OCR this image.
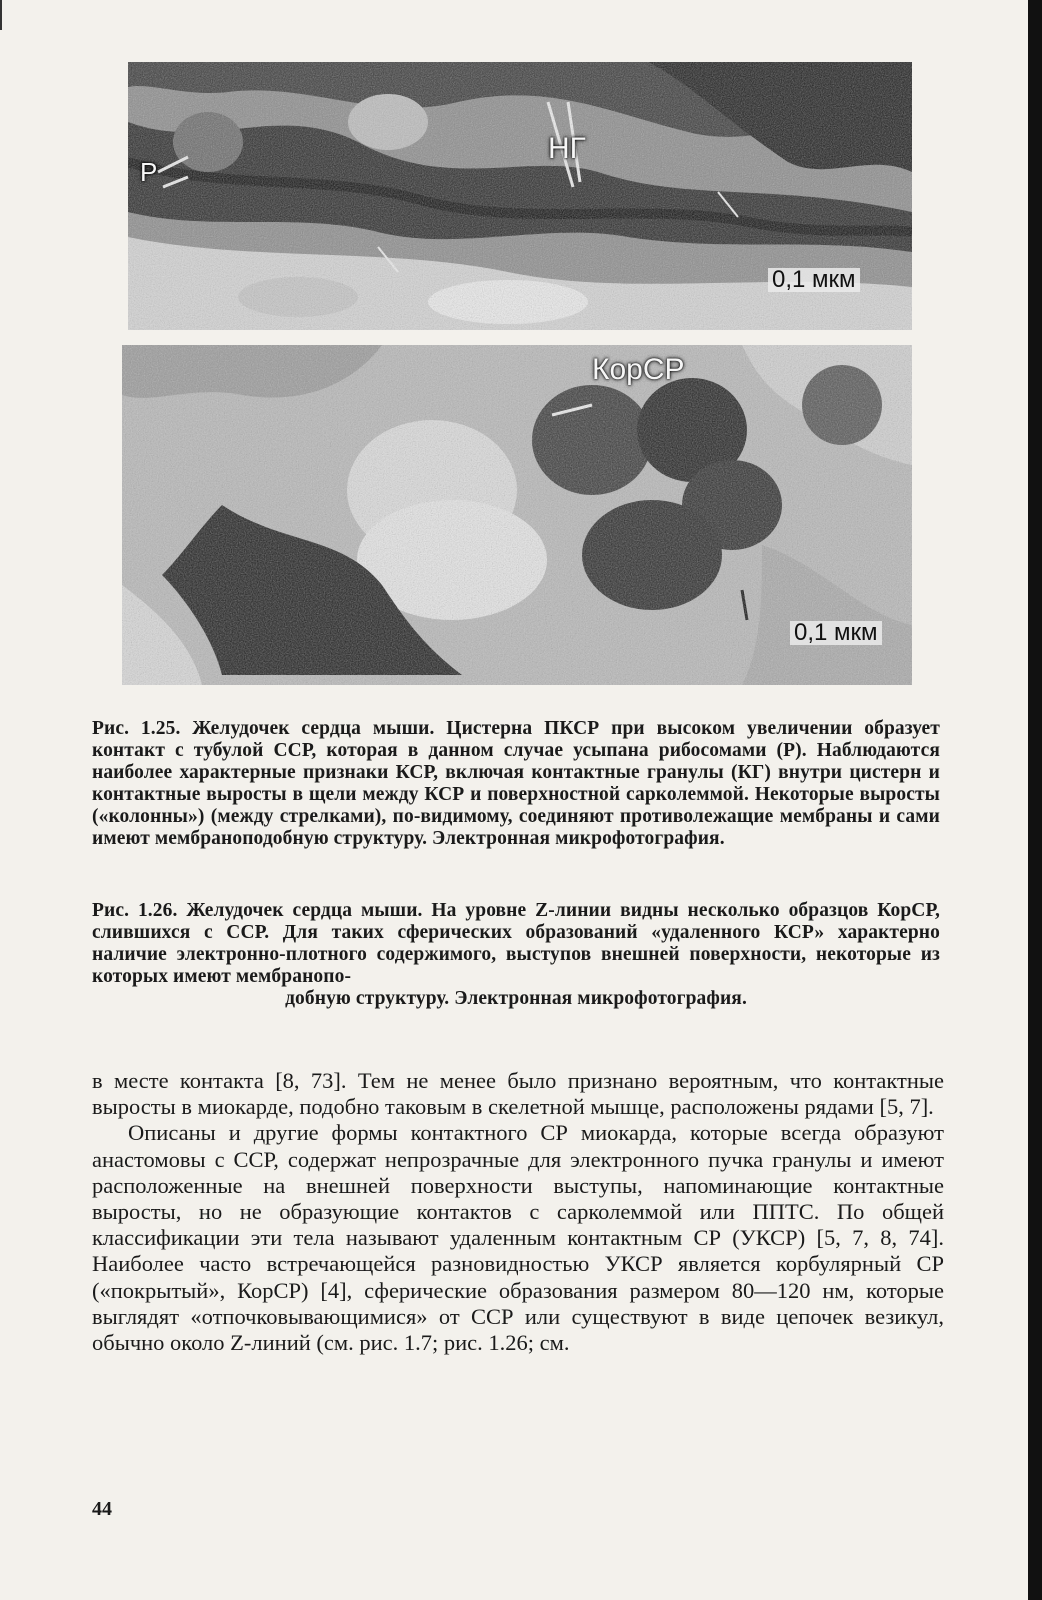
НГ
Р
0,1 мкм
КорСР
0,1 мкм
Рис. 1.25. Желудочек сердца мыши. Цистерна ПКСР при высоком увеличении образует контакт с тубулой ССР, которая в данном случае усыпана рибосомами (Р). Наблюдаются наиболее характерные признаки КСР, включая контактные гранулы (КГ) внутри цистерн и контактные выросты в щели между КСР и поверхностной сарколеммой. Некоторые выросты («колонны») (между стрелками), по-видимому, соединяют противолежащие мембраны и сами имеют мембраноподобную структуру. Электронная микрофотография.
Рис. 1.26. Желудочек сердца мыши. На уровне Z-линии видны несколько образцов КорСР, слившихся с ССР. Для таких сферических образований «удаленного КСР» характерно наличие электронно-плотного содержимого, выступов внешней поверхности, некоторые из которых имеют мембранопо-
добную структуру. Электронная микрофотография.

в месте контакта [8, 73]. Тем не менее было признано вероятным, что контактные выросты в миокарде, подобно таковым в скелетной мышце, расположены рядами [5, 7].

Описаны и другие формы контактного СР миокарда, которые всегда образуют анастомовы с ССР, содержат непрозрачные для электронного пучка гранулы и имеют расположенные на внешней поверхности выступы, напоминающие контактные выросты, но не образующие контактов с сарколеммой или ППТС. По общей классификации эти тела называют удаленным контактным СР (УКСР) [5, 7, 8, 74]. Наиболее часто встречающейся разновидностью УКСР является корбулярный СР («покрытый», КорСР) [4], сферические образования размером 80—120 нм, которые выглядят «отпочковывающимися» от ССР или существуют в виде цепочек везикул, обычно около Z-линий (см. рис. 1.7; рис. 1.26; см.

44
